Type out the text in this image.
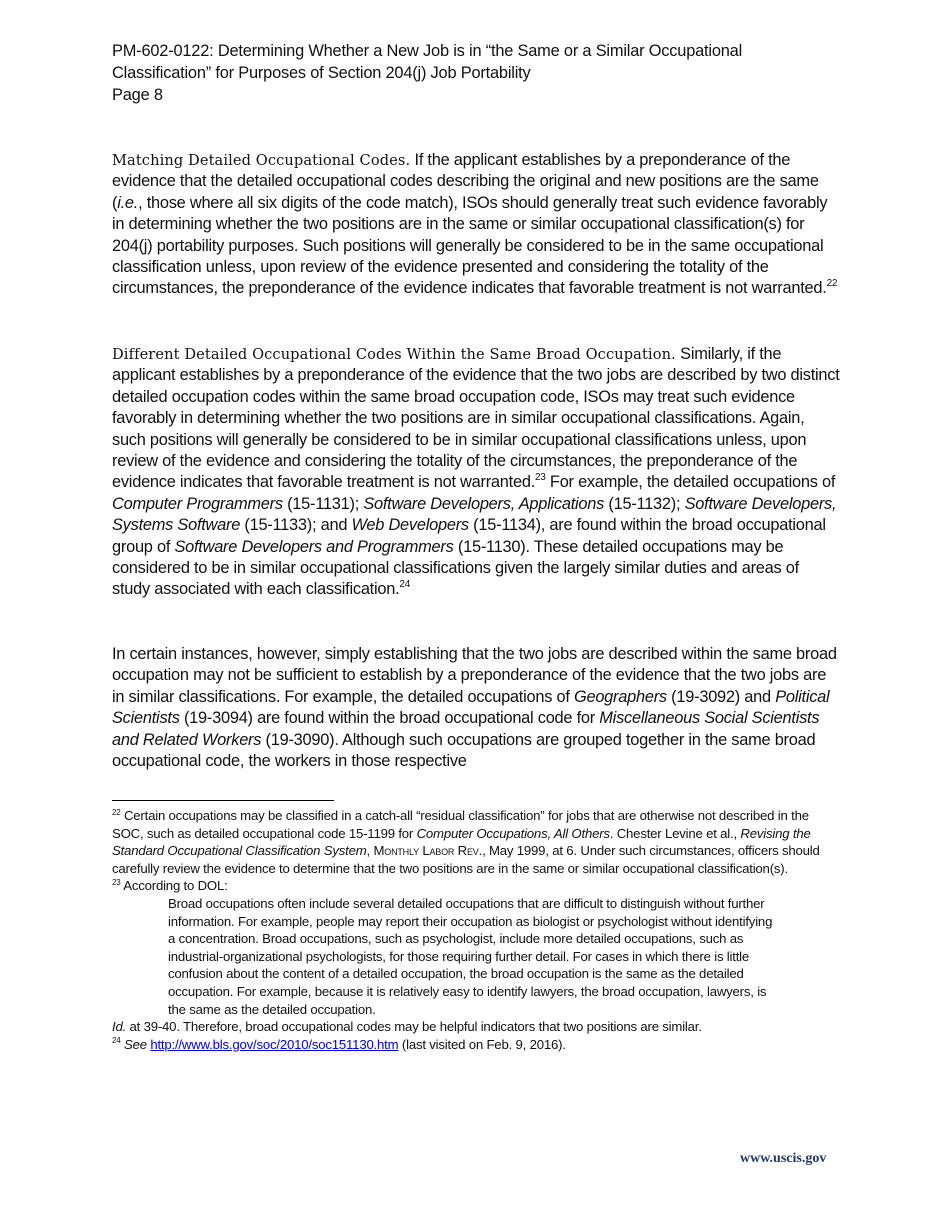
PM-602-0122: Determining Whether a New Job is in “the Same or a Similar Occupational
Classification” for Purposes of Section 204(j) Job Portability
Page 8

Matching Detailed Occupational Codes. If the applicant establishes by a preponderance of the evidence that the detailed occupational codes describing the original and new positions are the same (i.e., those where all six digits of the code match), ISOs should generally treat such evidence favorably in determining whether the two positions are in the same or similar occupational classification(s) for 204(j) portability purposes. Such positions will generally be considered to be in the same occupational classification unless, upon review of the evidence presented and considering the totality of the circumstances, the preponderance of the evidence indicates that favorable treatment is not warranted.$^{22}$

Different Detailed Occupational Codes Within the Same Broad Occupation. Similarly, if the applicant establishes by a preponderance of the evidence that the two jobs are described by two distinct detailed occupation codes within the same broad occupation code, ISOs may treat such evidence favorably in determining whether the two positions are in similar occupational classifications. Again, such positions will generally be considered to be in similar occupational classifications unless, upon review of the evidence and considering the totality of the circumstances, the preponderance of the evidence indicates that favorable treatment is not warranted.$^{23}$ For example, the detailed occupations of Computer Programmers (15-1131); Software Developers, Applications (15-1132); Software Developers, Systems Software (15-1133); and Web Developers (15-1134), are found within the broad occupational group of Software Developers and Programmers (15-1130). These detailed occupations may be considered to be in similar occupational classifications given the largely similar duties and areas of study associated with each classification.$^{24}$

In certain instances, however, simply establishing that the two jobs are described within the same broad occupation may not be sufficient to establish by a preponderance of the evidence that the two jobs are in similar classifications. For example, the detailed occupations of Geographers (19-3092) and Political Scientists (19-3094) are found within the broad occupational code for Miscellaneous Social Scientists and Related Workers (19-3090). Although such occupations are grouped together in the same broad occupational code, the workers in those respective

$^{22}$ Certain occupations may be classified in a catch-all “residual classification” for jobs that are otherwise not described in the SOC, such as detailed occupational code 15-1199 for Computer Occupations, All Others. Chester Levine et al., Revising the Standard Occupational Classification System, Monthly Labor Rev., May 1999, at 6. Under such circumstances, officers should carefully review the evidence to determine that the two positions are in the same or similar occupational classification(s).
$^{23}$ According to DOL:
Broad occupations often include several detailed occupations that are difficult to distinguish without further information. For example, people may report their occupation as biologist or psychologist without identifying a concentration. Broad occupations, such as psychologist, include more detailed occupations, such as industrial-organizational psychologists, for those requiring further detail. For cases in which there is little confusion about the content of a detailed occupation, the broad occupation is the same as the detailed occupation. For example, because it is relatively easy to identify lawyers, the broad occupation, lawyers, is the same as the detailed occupation.
Id. at 39-40. Therefore, broad occupational codes may be helpful indicators that two positions are similar.
$^{24}$ See http://www.bls.gov/soc/2010/soc151130.htm (last visited on Feb. 9, 2016).
www.uscis.gov
